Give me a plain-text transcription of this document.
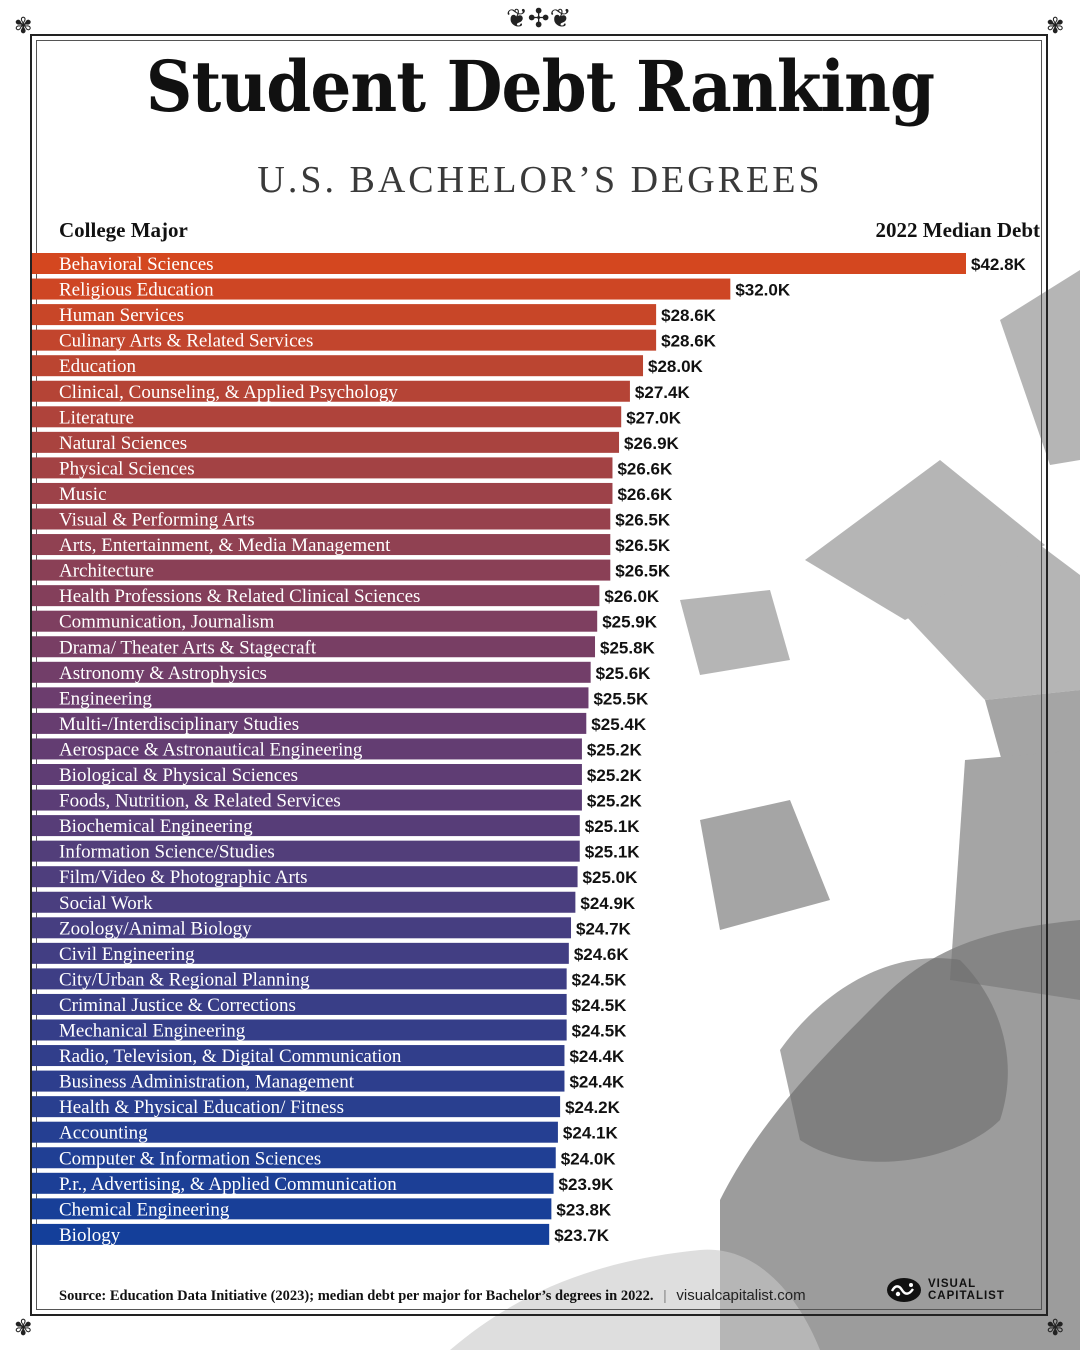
❦✣❦
✾	✾
✾	✾
Student Debt Ranking
U.S. BACHELOR’S DEGREES
College Major	2022 Median Debt
Behavioral Sciences	$42.8K
Religious Education	$32.0K
Human Services	$28.6K
Culinary Arts & Related Services	$28.6K
Education	$28.0K
Clinical, Counseling, & Applied Psychology	$27.4K
Literature	$27.0K
Natural Sciences	$26.9K
Physical Sciences	$26.6K
Music	$26.6K
Visual & Performing Arts	$26.5K
Arts, Entertainment, & Media Management	$26.5K
Architecture	$26.5K
Health Professions & Related Clinical Sciences	$26.0K
Communication, Journalism	$25.9K
Drama/ Theater Arts & Stagecraft	$25.8K
Astronomy & Astrophysics	$25.6K
Engineering	$25.5K
Multi-/Interdisciplinary Studies	$25.4K
Aerospace & Astronautical Engineering	$25.2K
Biological & Physical Sciences	$25.2K
Foods, Nutrition, & Related Services	$25.2K
Biochemical Engineering	$25.1K
Information Science/Studies	$25.1K
Film/Video & Photographic Arts	$25.0K
Social Work	$24.9K
Zoology/Animal Biology	$24.7K
Civil Engineering	$24.6K
City/Urban & Regional Planning	$24.5K
Criminal Justice & Corrections	$24.5K
Mechanical Engineering	$24.5K
Radio, Television, & Digital Communication	$24.4K
Business Administration, Management	$24.4K
Health & Physical Education/ Fitness	$24.2K
Accounting	$24.1K
Computer & Information Sciences	$24.0K
P.r., Advertising, & Applied Communication	$23.9K
Chemical Engineering	$23.8K
Biology	$23.7K
Source: Education Data Initiative (2023); median debt per major for Bachelor’s degrees in 2022. | visualcapitalist.com
VISUAL
CAPITALIST
